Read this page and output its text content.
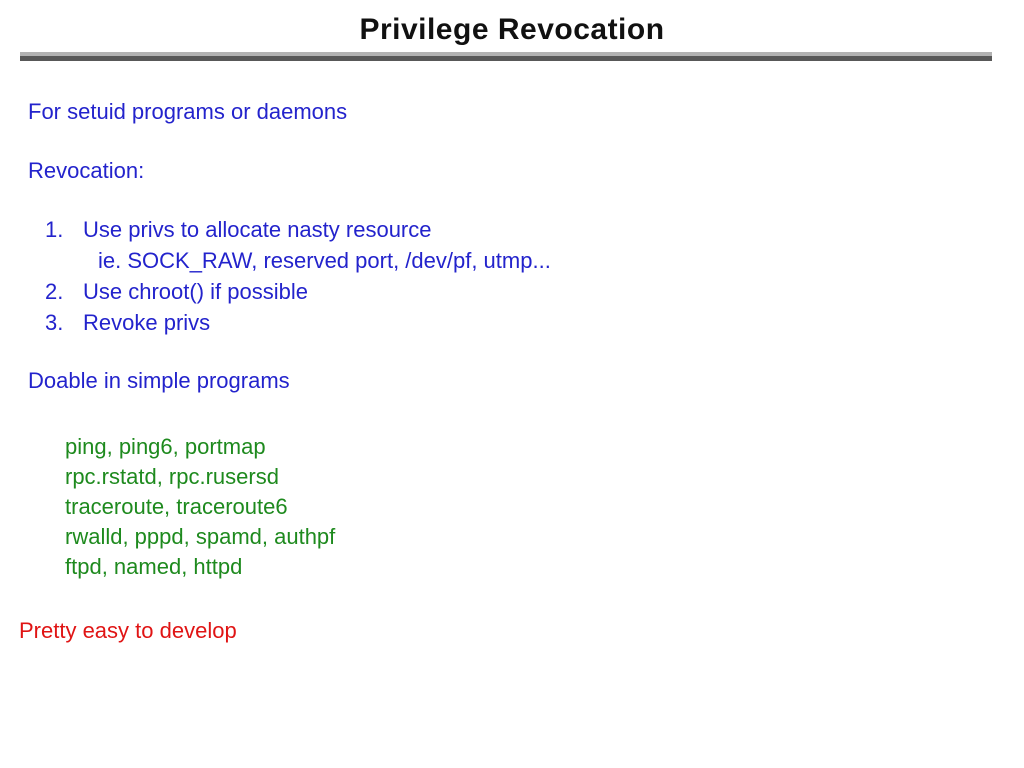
Privilege Revocation
For setuid programs or daemons
Revocation:
1. Use privs to allocate nasty resource
ie. SOCK_RAW, reserved port, /dev/pf, utmp...
2. Use chroot() if possible
3. Revoke privs
Doable in simple programs
ping, ping6, portmap
rpc.rstatd, rpc.rusersd
traceroute, traceroute6
rwalld, pppd, spamd, authpf
ftpd, named, httpd
Pretty easy to develop
